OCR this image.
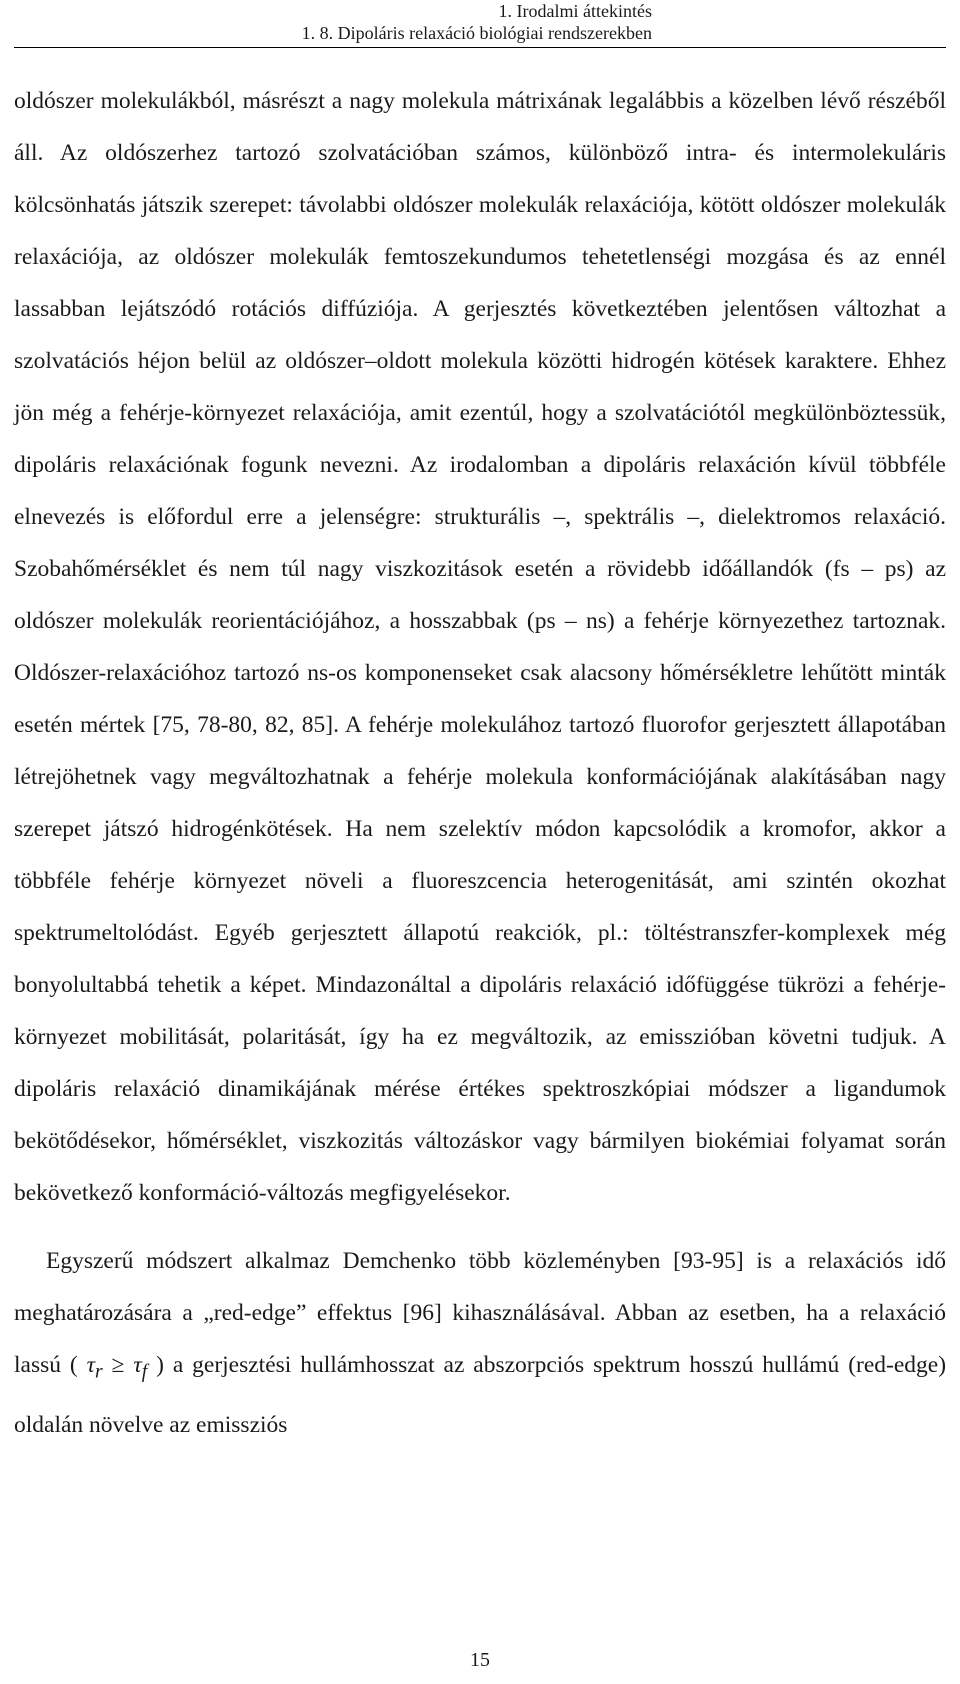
1. Irodalmi áttekintés
1. 8. Dipoláris relaxáció biológiai rendszerekben

oldószer molekulákból, másrészt a nagy molekula mátrixának legalábbis a közelben lévő részéből áll. Az oldószerhez tartozó szolvatációban számos, különböző intra- és intermolekuláris kölcsönhatás játszik szerepet: távolabbi oldószer molekulák relaxációja, kötött oldószer molekulák relaxációja, az oldószer molekulák femtoszekundumos tehetetlenségi mozgása és az ennél lassabban lejátszódó rotációs diffúziója. A gerjesztés következtében jelentősen változhat a szolvatációs héjon belül az oldószer–oldott molekula közötti hidrogén kötések karaktere. Ehhez jön még a fehérje-környezet relaxációja, amit ezentúl, hogy a szolvatációtól megkülönböztessük, dipoláris relaxációnak fogunk nevezni. Az irodalomban a dipoláris relaxáción kívül többféle elnevezés is előfordul erre a jelenségre: strukturális –, spektrális –, dielektromos relaxáció. Szobahőmérséklet és nem túl nagy viszkozitások esetén a rövidebb időállandók (fs – ps) az oldószer molekulák reorientációjához, a hosszabbak (ps – ns) a fehérje környezethez tartoznak. Oldószer-relaxációhoz tartozó ns-os komponenseket csak alacsony hőmérsékletre lehűtött minták esetén mértek [75, 78-80, 82, 85]. A fehérje molekulához tartozó fluorofor gerjesztett állapotában létrejöhetnek vagy megváltozhatnak a fehérje molekula konformációjának alakításában nagy szerepet játszó hidrogénkötések. Ha nem szelektív módon kapcsolódik a kromofor, akkor a többféle fehérje környezet növeli a fluoreszcencia heterogenitását, ami szintén okozhat spektrumeltolódást. Egyéb gerjesztett állapotú reakciók, pl.: töltéstranszfer-komplexek még bonyolultabbá tehetik a képet. Mindazonáltal a dipoláris relaxáció időfüggése tükrözi a fehérje-környezet mobilitását, polaritását, így ha ez megváltozik, az emisszióban követni tudjuk. A dipoláris relaxáció dinamikájának mérése értékes spektroszkópiai módszer a ligandumok bekötődésekor, hőmérséklet, viszkozitás változáskor vagy bármilyen biokémiai folyamat során bekövetkező konformáció-változás megfigyelésekor.

Egyszerű módszert alkalmaz Demchenko több közleményben [93-95] is a relaxációs idő meghatározására a „red-edge” effektus [96] kihasználásával. Abban az esetben, ha a relaxáció lassú ( $\tau_r \ge \tau_f$ ) a gerjesztési hullámhosszat az abszorpciós spektrum hosszú hullámú (red-edge) oldalán növelve az emissziós

15
